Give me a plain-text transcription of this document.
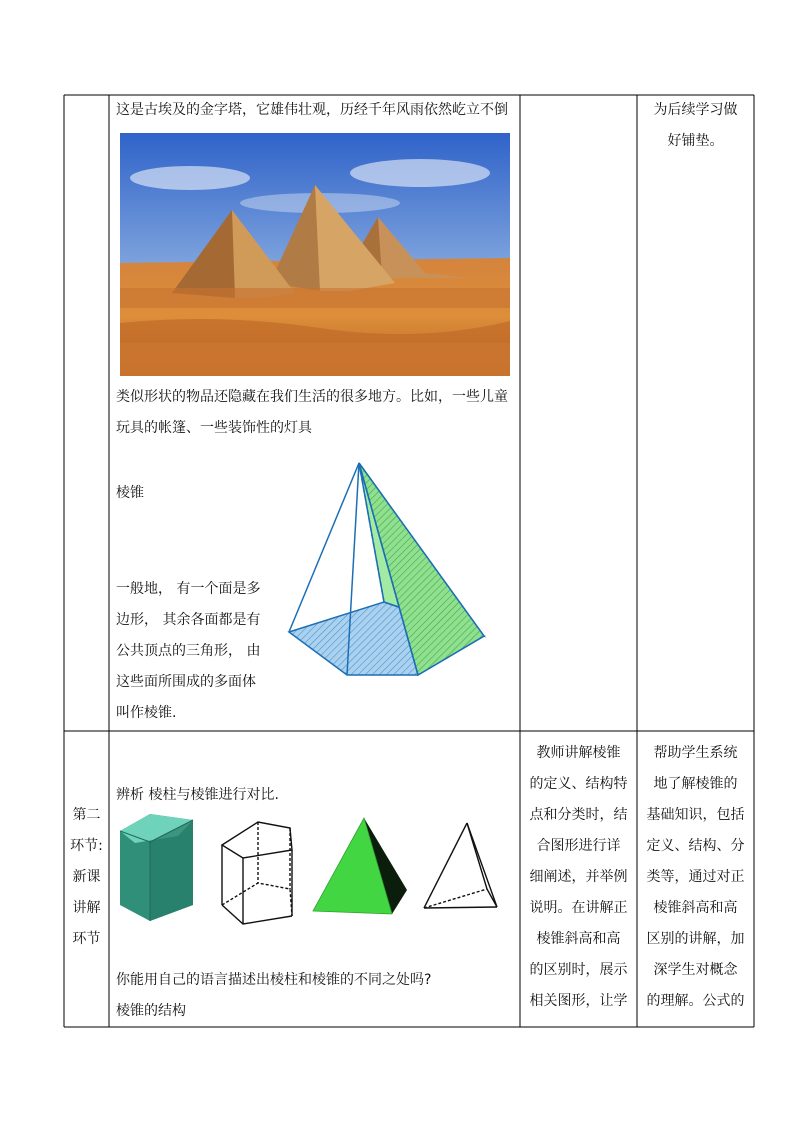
这是古埃及的金字塔，它雄伟壮观，历经千年风雨依然屹立不倒
类似形状的物品还隐藏在我们生活的很多地方。比如，一些儿童
玩具的帐篷、一些装饰性的灯具
棱锥
一般地， 有一个面是多
边形， 其余各面都是有
公共顶点的三角形， 由
这些面所围成的多面体
叫作棱锥.
为后续学习做
好铺垫。
第二
环节:
新课
讲解
环节
辨析 棱柱与棱锥进行对比.
你能用自己的语言描述出棱柱和棱锥的不同之处吗?
棱锥的结构
教师讲解棱锥
的定义、结构特
点和分类时，结
合图形进行详
细阐述，并举例
说明。在讲解正
棱锥斜高和高
的区别时，展示
相关图形，让学
帮助学生系统
地了解棱锥的
基础知识，包括
定义、结构、分
类等，通过对正
棱锥斜高和高
区别的讲解，加
深学生对概念
的理解。公式的
